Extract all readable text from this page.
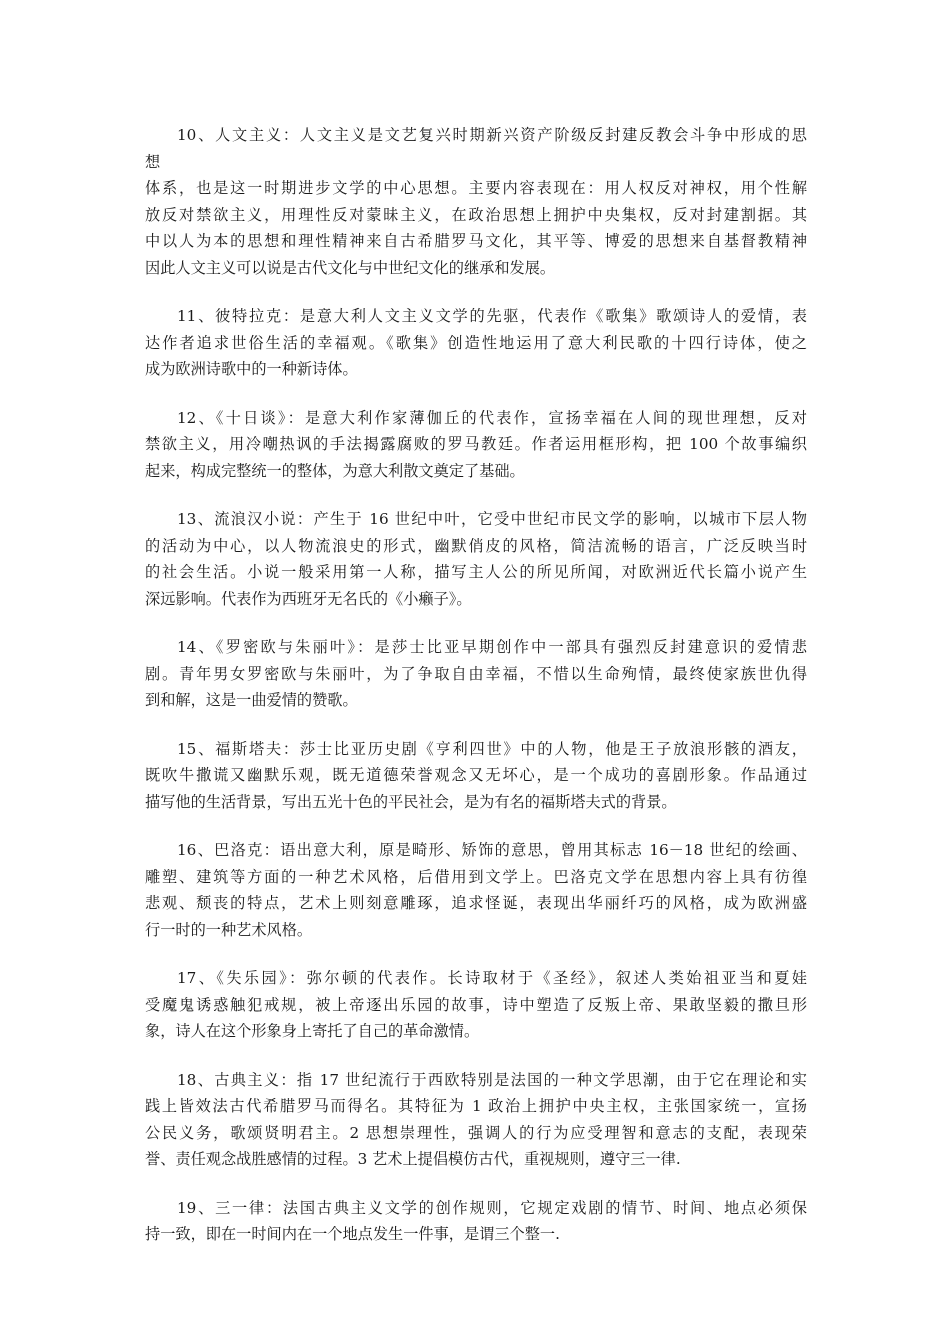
10、人文主义：人文主义是文艺复兴时期新兴资产阶级反封建反教会斗争中形成的思
想
体系，也是这一时期进步文学的中心思想。主要内容表现在：用人权反对神权，用个性解
放反对禁欲主义，用理性反对蒙昧主义，在政治思想上拥护中央集权，反对封建割据。其
中以人为本的思想和理性精神来自古希腊罗马文化，其平等、博爱的思想来自基督教精神
因此人文主义可以说是古代文化与中世纪文化的继承和发展。
11、彼特拉克：是意大利人文主义文学的先驱，代表作《歌集》歌颂诗人的爱情，表
达作者追求世俗生活的幸福观。《歌集》创造性地运用了意大利民歌的十四行诗体，使之
成为欧洲诗歌中的一种新诗体。
12、《十日谈》：是意大利作家薄伽丘的代表作，宣扬幸福在人间的现世理想，反对
禁欲主义，用冷嘲热讽的手法揭露腐败的罗马教廷。作者运用框形构，把 100 个故事编织
起来，构成完整统一的整体，为意大利散文奠定了基础。
13、流浪汉小说：产生于 16 世纪中叶，它受中世纪市民文学的影响，以城市下层人物
的活动为中心，以人物流浪史的形式，幽默俏皮的风格，简洁流畅的语言，广泛反映当时
的社会生活。小说一般采用第一人称，描写主人公的所见所闻，对欧洲近代长篇小说产生
深远影响。代表作为西班牙无名氏的《小癞子》。
14、《罗密欧与朱丽叶》：是莎士比亚早期创作中一部具有强烈反封建意识的爱情悲
剧。青年男女罗密欧与朱丽叶，为了争取自由幸福，不惜以生命殉情，最终使家族世仇得
到和解，这是一曲爱情的赞歌。
15、福斯塔夫：莎士比亚历史剧《亨利四世》中的人物，他是王子放浪形骸的酒友，
既吹牛撒谎又幽默乐观，既无道德荣誉观念又无坏心，是一个成功的喜剧形象。作品通过
描写他的生活背景，写出五光十色的平民社会，是为有名的福斯塔夫式的背景。
16、巴洛克：语出意大利，原是畸形、矫饰的意思，曾用其标志 16－18 世纪的绘画、
雕塑、建筑等方面的一种艺术风格，后借用到文学上。巴洛克文学在思想内容上具有彷徨
悲观、颓丧的特点，艺术上则刻意雕琢，追求怪诞，表现出华丽纤巧的风格，成为欧洲盛
行一时的一种艺术风格。
17、《失乐园》：弥尔顿的代表作。长诗取材于《圣经》，叙述人类始祖亚当和夏娃
受魔鬼诱惑触犯戒规，被上帝逐出乐园的故事，诗中塑造了反叛上帝、果敢坚毅的撒旦形
象，诗人在这个形象身上寄托了自己的革命激情。
18、古典主义：指 17 世纪流行于西欧特别是法国的一种文学思潮，由于它在理论和实
践上皆效法古代希腊罗马而得名。其特征为 1 政治上拥护中央主权，主张国家统一，宣扬
公民义务，歌颂贤明君主。2 思想崇理性，强调人的行为应受理智和意志的支配，表现荣
誉、责任观念战胜感情的过程。3 艺术上提倡模仿古代，重视规则，遵守三一律.
19、三一律：法国古典主义文学的创作规则，它规定戏剧的情节、时间、地点必须保
持一致，即在一时间内在一个地点发生一件事，是谓三个整一.
